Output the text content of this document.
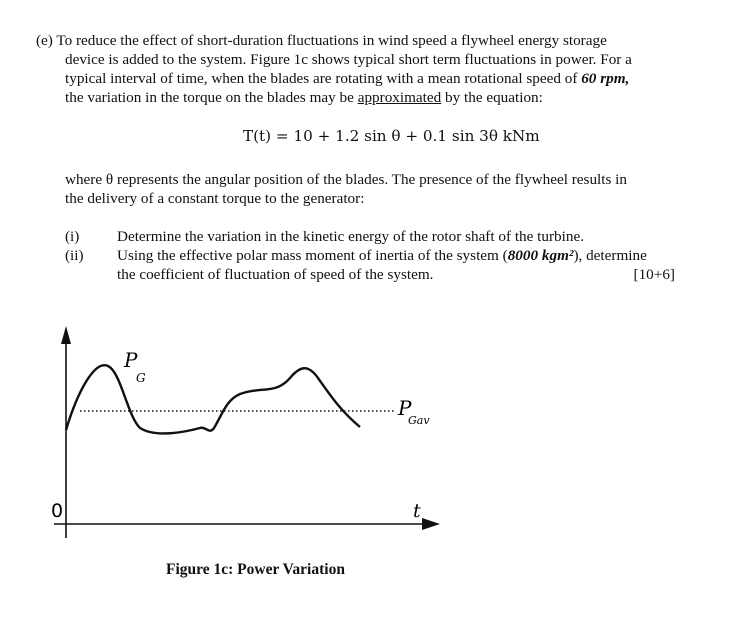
(e) To reduce the effect of short-duration fluctuations in wind speed a flywheel energy storage
device is added to the system. Figure 1c shows typical short term fluctuations in power. For a
typical interval of time, when the blades are rotating with a mean rotational speed of 60 rpm,
the variation in the torque on the blades may be approximated by the equation:
T(t) = 10 + 1.2 sin θ + 0.1 sin 3θ kNm
where θ represents the angular position of the blades. The presence of the flywheel results in
the delivery of a constant torque to the generator:
(i)	Determine the variation in the kinetic energy of the rotor shaft of the turbine.
(ii)	Using the effective polar mass moment of inertia of the system (8000 kgm²), determine
the coefficient of fluctuation of speed of the system.	[10+6]
P
G
P
Gav
t
0
Figure 1c: Power Variation
